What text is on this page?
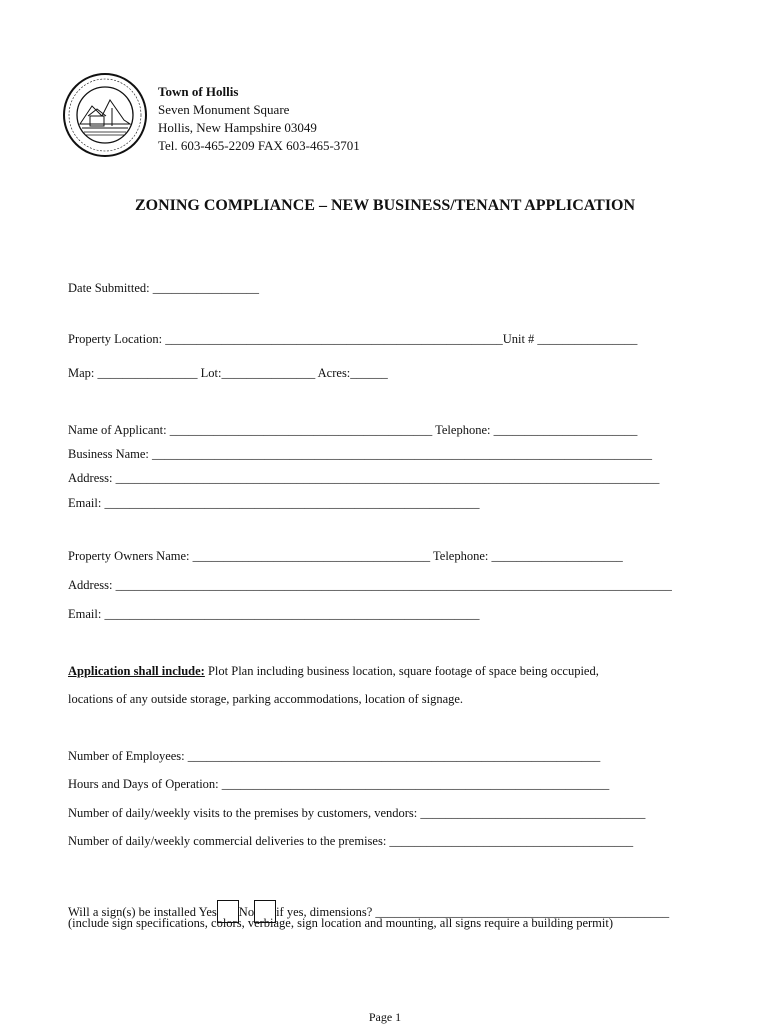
Town of Hollis
Seven Monument Square
Hollis, New Hampshire 03049
Tel. 603-465-2209 FAX 603-465-3701
ZONING COMPLIANCE – NEW BUSINESS/TENANT APPLICATION
Date Submitted: _________________
Property Location: ______________________________________________________Unit # ________________
Map: ________________ Lot:_______________ Acres:______
Name of Applicant: __________________________________________ Telephone: _______________________
Business Name: ________________________________________________________________________________
Address: _______________________________________________________________________________________
Email: ____________________________________________________________
Property Owners Name: ______________________________________ Telephone: _____________________
Address: _________________________________________________________________________________________
Email: ____________________________________________________________
Application shall include: Plot Plan including business location, square footage of space being occupied,
locations of any outside storage, parking accommodations, location of signage.
Number of Employees: __________________________________________________________________
Hours and Days of Operation: ______________________________________________________________
Number of daily/weekly visits to the premises by customers, vendors: ____________________________________
Number of daily/weekly commercial deliveries to the premises: _______________________________________
Will a sign(s) be installed Yes No if yes, dimensions? _______________________________________________
(include sign specifications, colors, verbiage, sign location and mounting, all signs require a building permit)
Page 1
